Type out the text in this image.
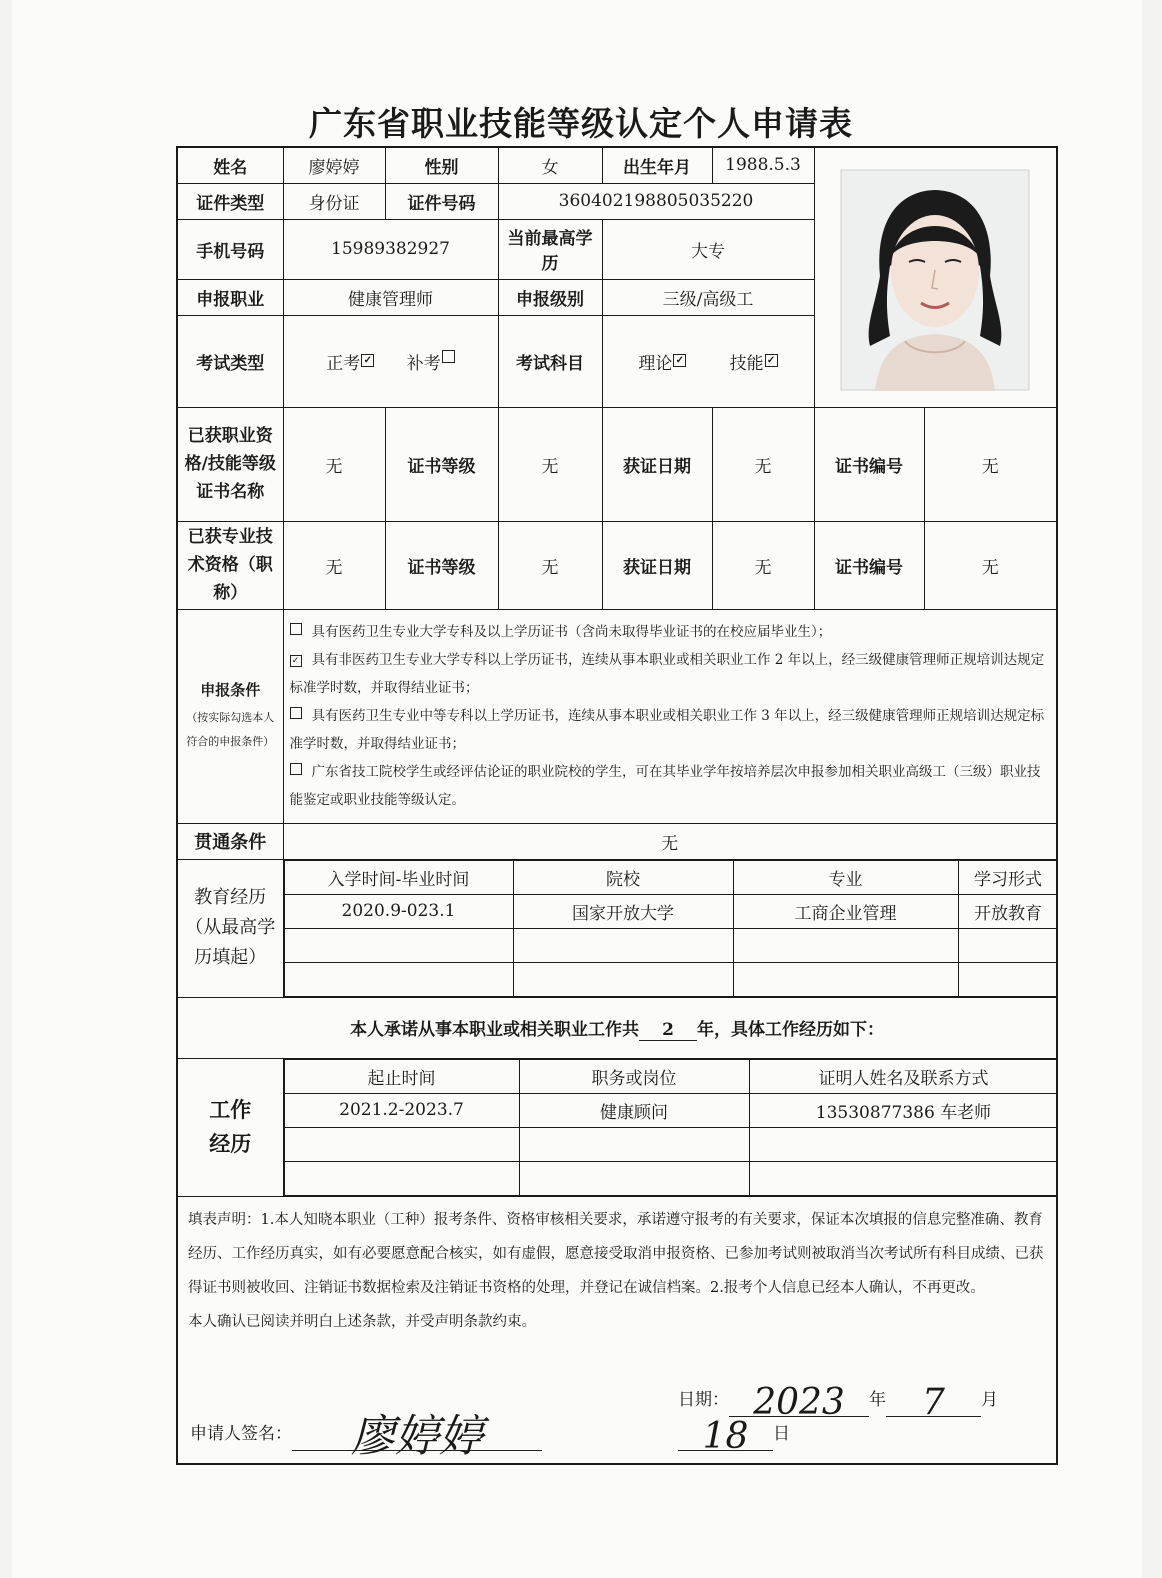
广东省职业技能等级认定个人申请表
姓名	廖婷婷	性别	女	出生年月	1988.5.3	

证件类型	身份证	证件号码	360402198805035220
手机号码	15989382927	当前最高学历	大专
申报职业	健康管理师	申报级别	三级/高级工
考试类型	正考 ✓ 补考	考试科目	理论 ✓	技能 ✓
已获职业资格/技能等级证书名称	无	证书等级	无	获证日期	无	证书编号	无
已获专业技术资格（职称）	无	证书等级	无	获证日期	无	证书编号	无

申报条件
（按实际勾选本人符合的申报条件）

具有医药卫生专业大学专科及以上学历证书（含尚未取得毕业证书的在校应届毕业生）；
✓ 具有非医药卫生专业大学专科以上学历证书，连续从事本职业或相关职业工作 2 年以上，经三级健康管理师正规培训达规定标准学时数，并取得结业证书；
具有医药卫生专业中等专科以上学历证书，连续从事本职业或相关职业工作 3 年以上，经三级健康管理师正规培训达规定标准学时数，并取得结业证书；
广东省技工院校学生或经评估论证的职业院校的学生，可在其毕业学年按培养层次申报参加相关职业高级工（三级）职业技能鉴定或职业技能等级认定。

贯通条件	无
教育经历（从最高学历填起）	
入学时间-毕业时间	院校	专业	学习形式
2020.9-023.1	国家开放大学	工商企业管理	开放教育

本人承诺从事本职业或相关职业工作共 2 年，具体工作经历如下：
工作经历	
起止时间	职务或岗位	证明人姓名及联系方式
2021.2-2023.7	健康顾问	13530877386 车老师

填表声明：1.本人知晓本职业（工种）报考条件、资格审核相关要求，承诺遵守报考的有关要求，保证本次填报的信息完整准确、教育经历、工作经历真实，如有必要愿意配合核实，如有虚假，愿意接受取消申报资格、已参加考试则被取消当次考试所有科目成绩、已获得证书则被收回、注销证书数据检索及注销证书资格的处理，并登记在诚信档案。2.报考个人信息已经本人确认，不再更改。
本人确认已阅读并明白上述条款，并受声明条款约束。
申请人签名： 廖婷婷
日期： 2023 年 7 月18 日
